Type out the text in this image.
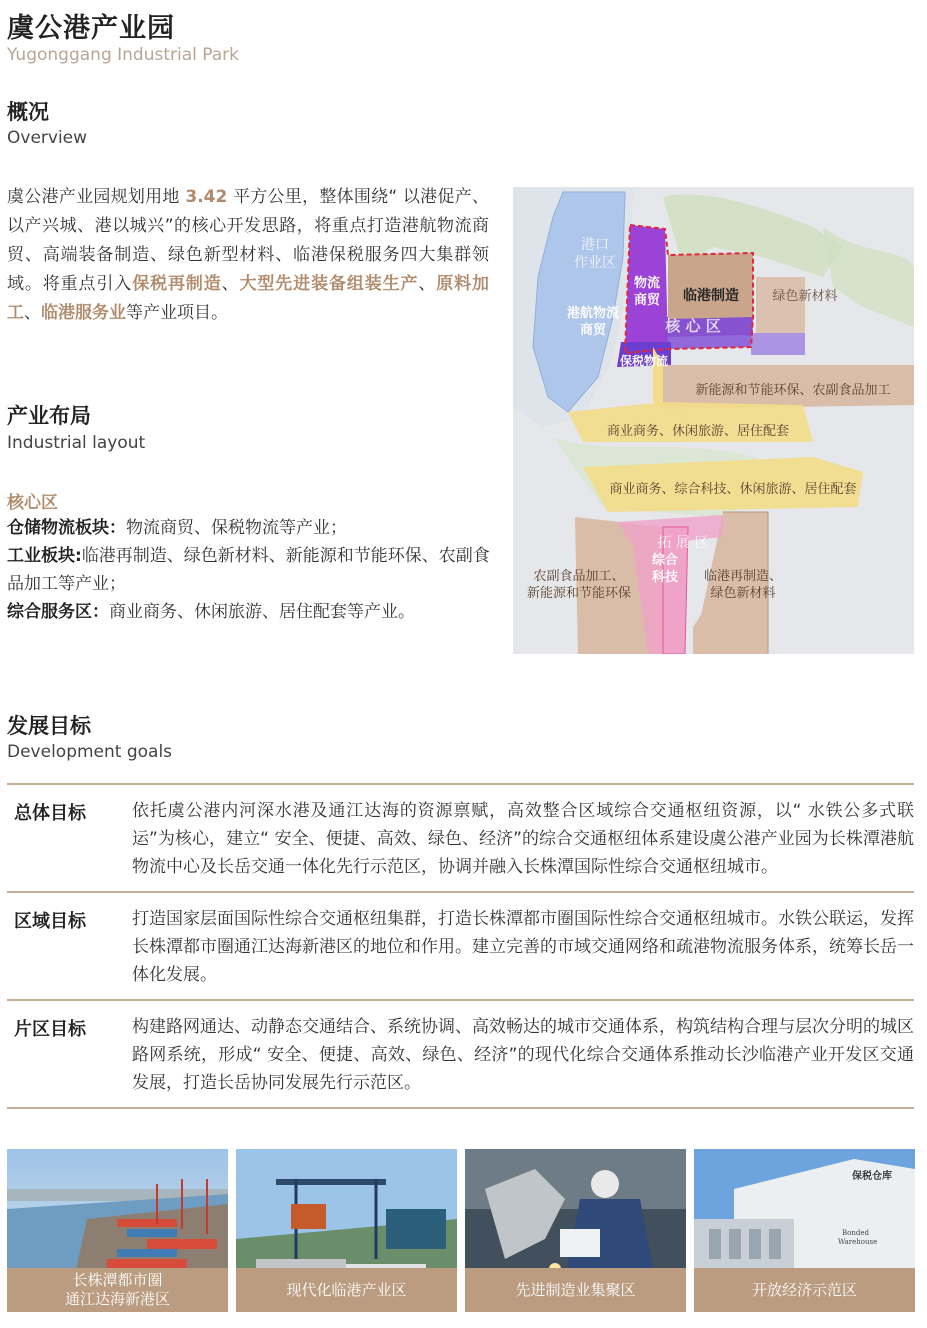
虞公港产业园
Yugonggang Industrial Park
概况
Overview
虞公港产业园规划用地 3.42 平方公里，整体围绕“ 以港促产、以产兴城、港以城兴”的核心开发思路，将重点打造港航物流商贸、高端装备制造、绿色新型材料、临港保税服务四大集群领域。将重点引入保税再制造、大型先进装备组装生产、原料加工、临港服务业等产业项目。
产业布局
Industrial layout
核心区
仓储物流板块：物流商贸、保税物流等产业；
工业板块:临港再制造、绿色新材料、新能源和节能环保、农副食品加工等产业；
综合服务区：商业商务、休闲旅游、居住配套等产业。
港口作业区
港航物流商贸
物流商贸 临港制造	绿色新材料
核 心 区
保税物流
新能源和节能环保、农副食品加工
商业商务、休闲旅游、居住配套
商业商务、综合科技、休闲旅游、居住配套
拓 展 区
综合科技
农副食品加工、新能源和节能环保
临港再制造、绿色新材料
发展目标
Development goals
总体目标	依托虞公港内河深水港及通江达海的资源禀赋，高效整合区域综合交通枢纽资源，以“ 水铁公多式联运”为核心，建立“ 安全、便捷、高效、绿色、经济”的综合交通枢纽体系建设虞公港产业园为长株潭港航物流中心及长岳交通一体化先行示范区，协调并融入长株潭国际性综合交通枢纽城市。
区域目标	打造国家层面国际性综合交通枢纽集群，打造长株潭都市圈国际性综合交通枢纽城市。水铁公联运，发挥长株潭都市圈通江达海新港区的地位和作用。建立完善的市域交通网络和疏港物流服务体系，统筹长岳一体化发展。
片区目标	构建路网通达、动静态交通结合、系统协调、高效畅达的城市交通体系，构筑结构合理与层次分明的城区路网系统，形成“ 安全、便捷、高效、绿色、经济”的现代化综合交通体系推动长沙临港产业开发区交通发展，打造长岳协同发展先行示范区。
长株潭都市圈
通江达海新港区
现代化临港产业区	先进制造业集聚区
保税仓库
Bonded
Warehouse
开放经济示范区
